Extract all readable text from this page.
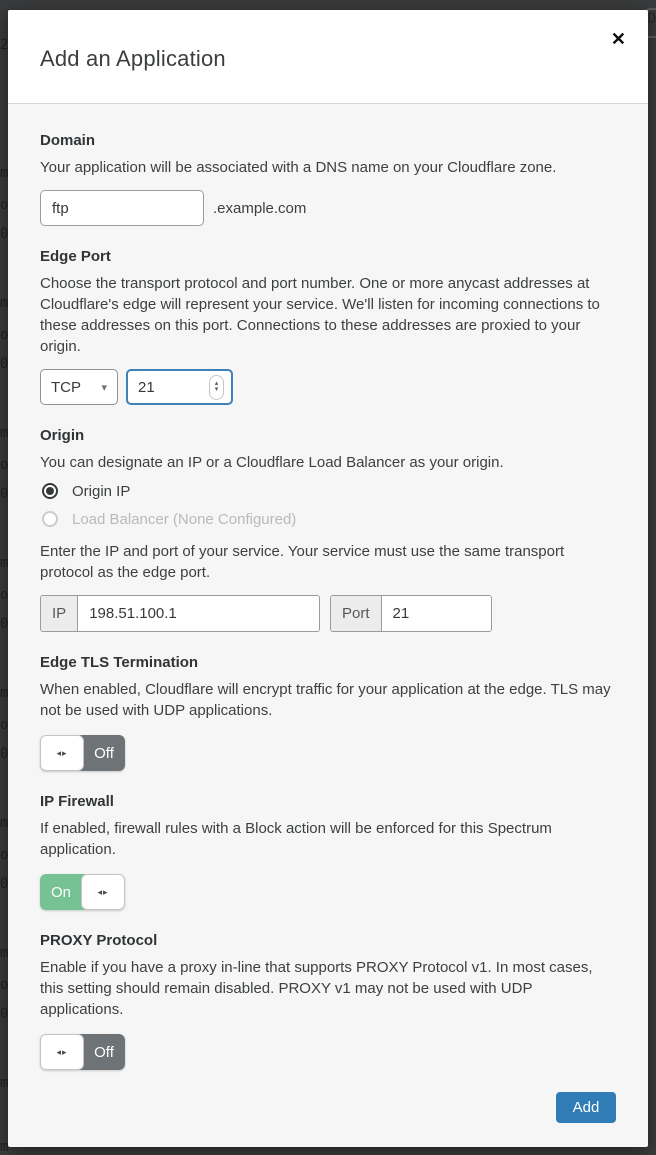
2
D
m
o
0
m
o
0
m
o
0
m
o
0
m
o
0
m
o
0
m
o
0
m
m
Add an Application
✕
Domain

Your application will be associated with a DNS name on your Cloudflare zone.

ftp
.example.com
Edge Port

Choose the transport protocol and port number. One or more anycast addresses at Cloudflare's edge will represent your service. We'll listen for incoming connections to these addresses on this port. Connections to these addresses are proxied to your origin.

TCP ▾
21	▴
▾
Origin

You can designate an IP or a Cloudflare Load Balancer as your origin.

Origin IP
Load Balancer (None Configured)

Enter the IP and port of your service. Your service must use the same transport protocol as the edge port.

IP
198.51.100.1	Port
21
Edge TLS Termination

When enabled, Cloudflare will encrypt traffic for your application at the edge. TLS may not be used with UDP applications.

◂▸	Off
IP Firewall

If enabled, firewall rules with a Block action will be enforced for this Spectrum application.

On	◂▸
PROXY Protocol

Enable if you have a proxy in-line that supports PROXY Protocol v1. In most cases, this setting should remain disabled. PROXY v1 may not be used with UDP applications.

◂▸	Off
Add
